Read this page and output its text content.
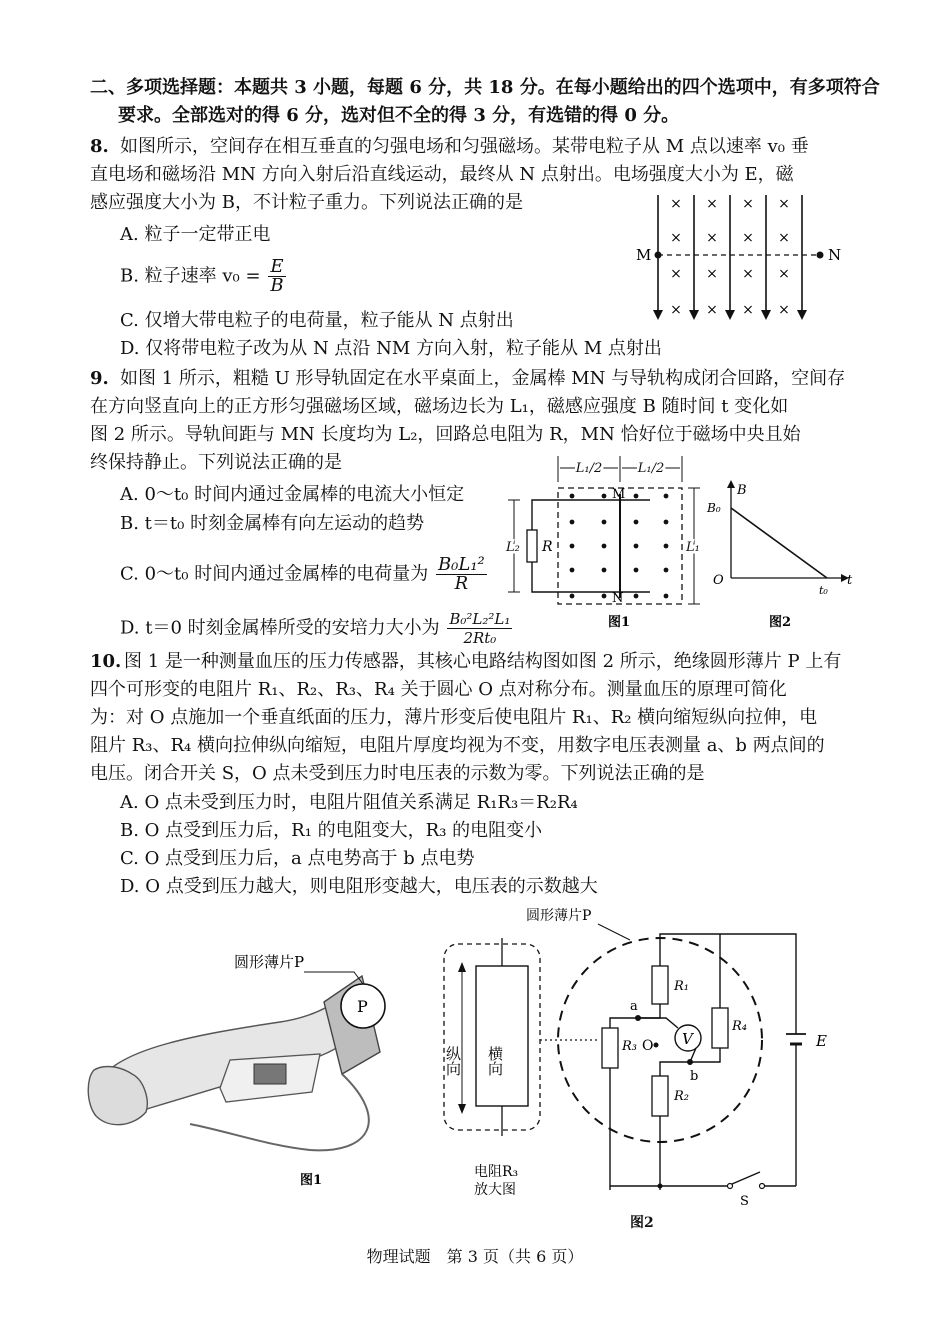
二、多项选择题：本题共 3 小题，每题 6 分，共 18 分。在每小题给出的四个选项中，有多项符合
要求。全部选对的得 6 分，选对但不全的得 3 分，有选错的得 0 分。
8. 如图所示，空间存在相互垂直的匀强电场和匀强磁场。某带电粒子从 M 点以速率 v₀ 垂
直电场和磁场沿 MN 方向入射后沿直线运动，最终从 N 点射出。电场强度大小为 E，磁
感应强度大小为 B，不计粒子重力。下列说法正确的是
A. 粒子一定带正电
B. 粒子速率 $v_0 = \frac{E}{B}$
C. 仅增大带电粒子的电荷量，粒子能从 N 点射出
D. 仅将带电粒子改为从 N 点沿 NM 方向入射，粒子能从 M 点射出
M	N
× × × ×
× × × ×
× × × ×
× × × ×
9. 如图 1 所示，粗糙 U 形导轨固定在水平桌面上，金属棒 MN 与导轨构成闭合回路，空间存
在方向竖直向上的正方形匀强磁场区域，磁场边长为 L₁，磁感应强度 B 随时间 t 变化如
图 2 所示。导轨间距与 MN 长度均为 L₂，回路总电阻为 R，MN 恰好位于磁场中央且始
终保持静止。下列说法正确的是
A. 0～t₀ 时间内通过金属棒的电流大小恒定
B. t＝t₀ 时刻金属棒有向左运动的趋势
C. 0～t₀ 时间内通过金属棒的电荷量为 $\frac{\text{B₀L₁²}}{R}$
D. t＝0 时刻金属棒所受的安培力大小为 $\frac{\text{B₀²L₂²L₁}}{\text{2Rt₀}}$
L₁/2	L₁/2
R
M
N
L₂	L₁
图1
B
B₀
O	t
t₀
图2
10. 图 1 是一种测量血压的压力传感器，其核心电路结构图如图 2 所示，绝缘圆形薄片 P 上有
四个可形变的电阻片 R₁、R₂、R₃、R₄ 关于圆心 O 点对称分布。测量血压的原理可简化
为：对 O 点施加一个垂直纸面的压力，薄片形变后使电阻片 R₁、R₂ 横向缩短纵向拉伸，电
阻片 R₃、R₄ 横向拉伸纵向缩短，电阻片厚度均视为不变，用数字电压表测量 a、b 两点间的
电压。闭合开关 S，O 点未受到压力时电压表的示数为零。下列说法正确的是
A. O 点未受到压力时，电阻片阻值关系满足 R₁R₃＝R₂R₄
B. O 点受到压力后，R₁ 的电阻变大，R₃ 的电阻变小
C. O 点受到压力后，a 点电势高于 b 点电势
D. O 点受到压力越大，则电阻形变越大，电压表的示数越大
P
圆形薄片P
图1
纵向 横向
电阻R₃
放大图
圆形薄片P
R₁
a
R₃ O V
b
R₄
R₂
E
S
图2
物理试题　第 3 页（共 6 页）
